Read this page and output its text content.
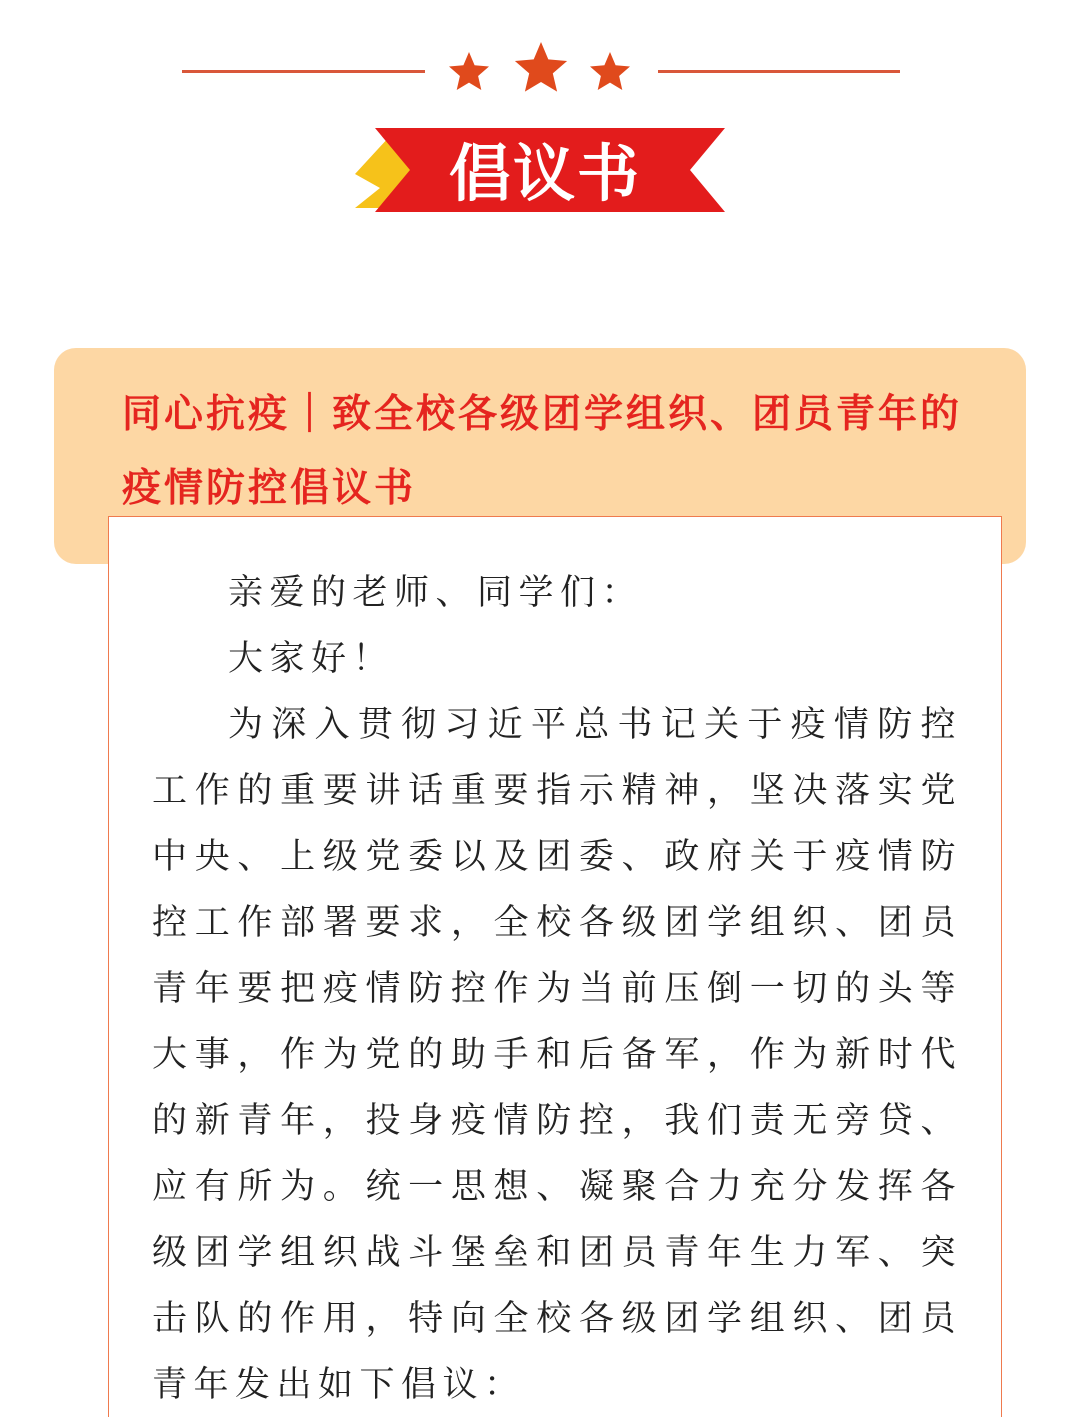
倡议书
同心抗疫｜致全校各级团学组织、团员青年的疫情防控倡议书

亲爱的老师、同学们：

大家好！

为深入贯彻习近平总书记关于疫情防控工作的重要讲话重要指示精神，坚决落实党中央、上级党委以及团委、政府关于疫情防控工作部署要求，全校各级团学组织、团员青年要把疫情防控作为当前压倒一切的头等大事，作为党的助手和后备军，作为新时代的新青年，投身疫情防控，我们责无旁贷、应有所为。统一思想、凝聚合力充分发挥各级团学组织战斗堡垒和团员青年生力军、突击队的作用，特向全校各级团学组织、团员青年发出如下倡议：
